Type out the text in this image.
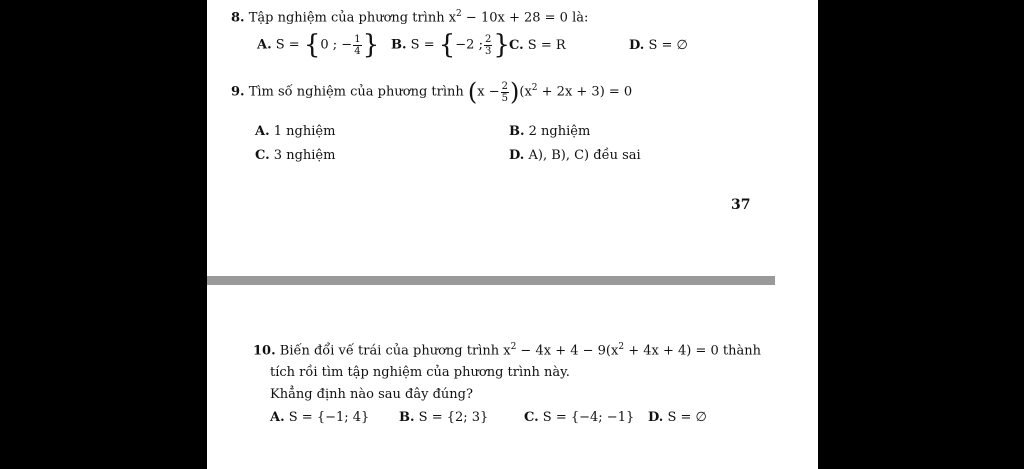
8. Tập nghiệm của phương trình $x^2 - 10x + 28 = 0$ là:
A. S = {0 ; − $\frac{1}{4}$ } B. S = {−2 ; $\frac{2}{3}$ } C. S = R	D. S = ∅
9. Tìm số nghiệm của phương trình $(x - \frac{2}{5} )(x^2 + 2x + 3) = 0$
A. 1 nghiệm	B. 2 nghiệm
C. 3 nghiệm	D. A), B), C) đều sai
37
10. Biến đổi vế trái của phương trình $x^2 - 4x + 4 - 9(x^2 + 4x + 4) = 0$ thành
tích rồi tìm tập nghiệm của phương trình này.
Khẳng định nào sau đây đúng?
A. S = {−1; 4} B. S = {2; 3}	C. S = {−4; −1} D. S = ∅
